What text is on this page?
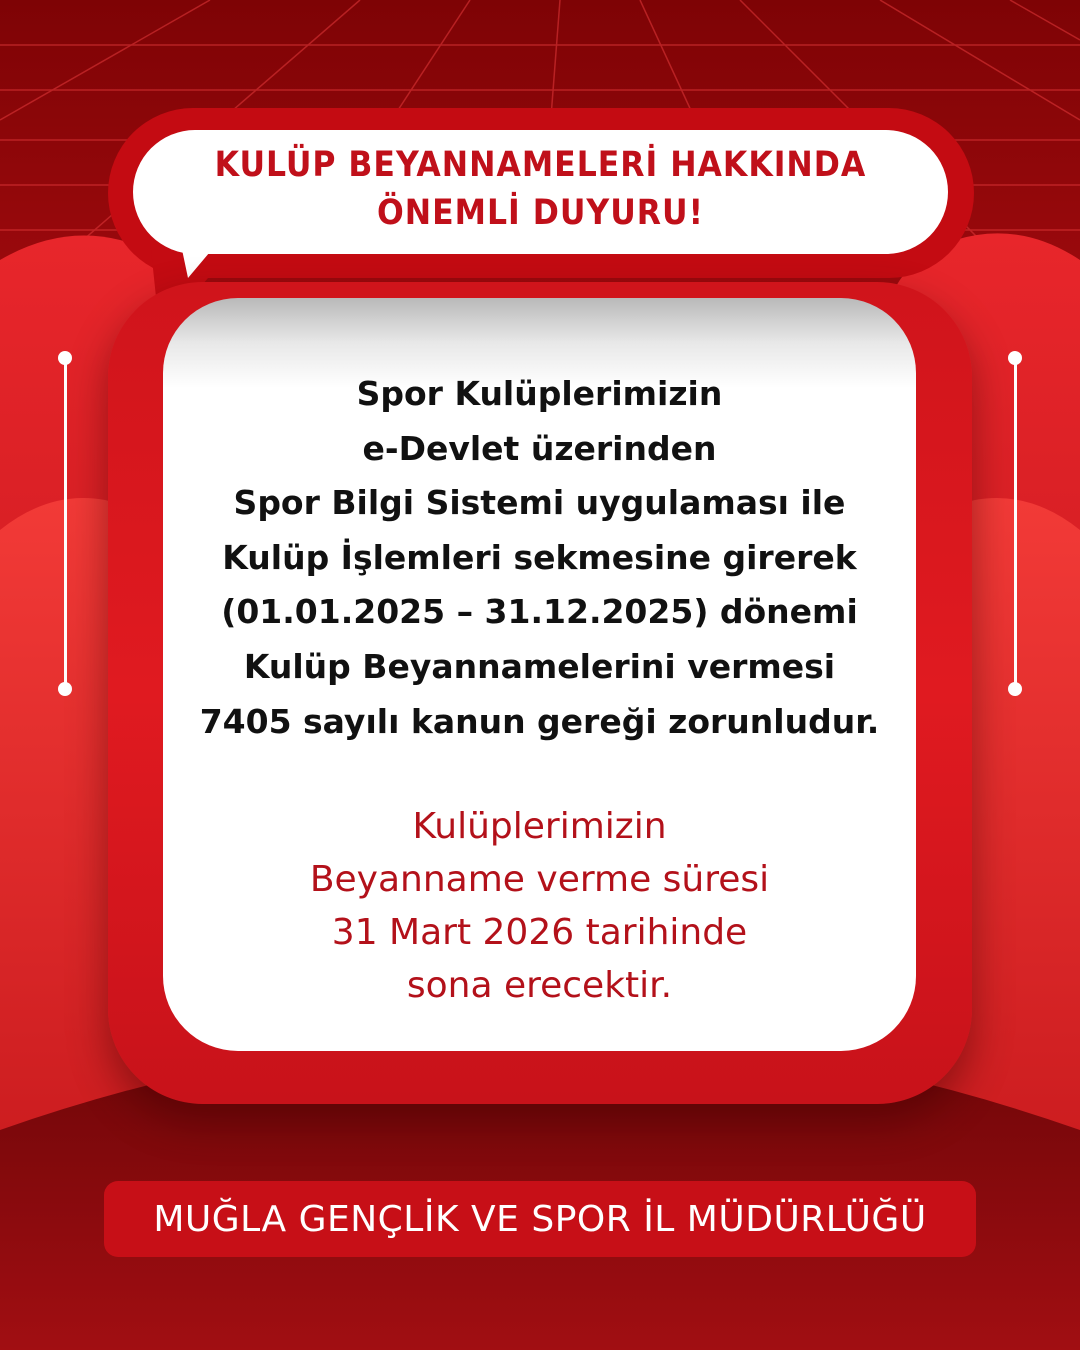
KULÜP BEYANNAMELERİ HAKKINDA ÖNEMLİ DUYURU!
Spor Kulüplerimizin
e-Devlet üzerinden
Spor Bilgi Sistemi uygulaması ile
Kulüp İşlemleri sekmesine girerek
(01.01.2025 – 31.12.2025) dönemi
Kulüp Beyannamelerini vermesi
7405 sayılı kanun gereği zorunludur.
Kulüplerimizin
Beyanname verme süresi
31 Mart 2026 tarihinde
sona erecektir.
MUĞLA GENÇLİK VE SPOR İL MÜDÜRLÜĞÜ
